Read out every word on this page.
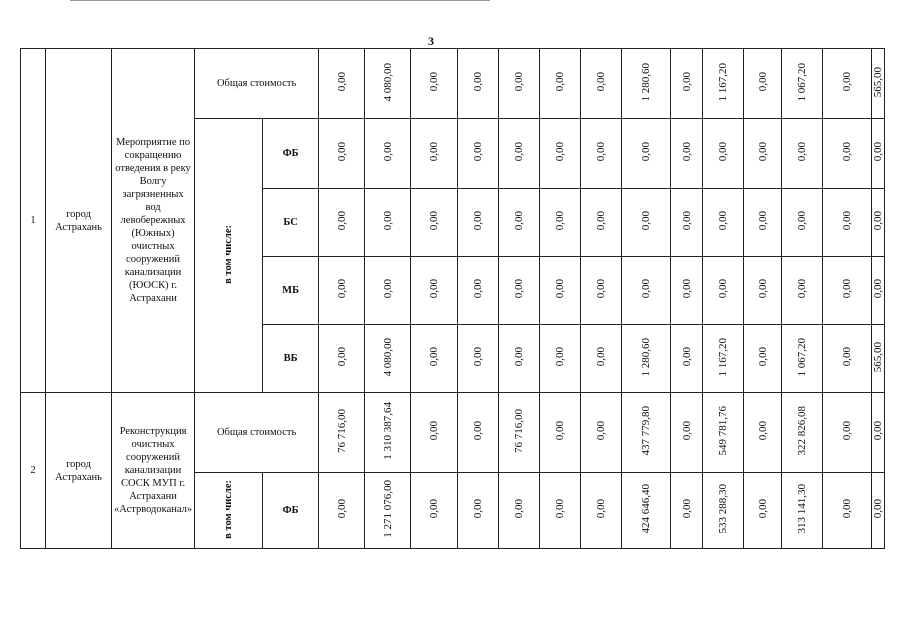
3
1	город Астрахань	Мероприятие по сокращению отведения в реку Волгу загрязненных вод левобережных (Южных) очистных сооружений канализации (ЮОСК) г. Астрахани	Общая стоимость		0,00	4 080,00	0,00	0,00	0,00	0,00	0,00	1 280,60	0,00	1 167,20	0,00	1 067,20	0,00	565,00
			в том числе:	ФБ	0,00	0,00	0,00	0,00	0,00	0,00	0,00	0,00	0,00	0,00	0,00	0,00	0,00	0,00
				БС	0,00	0,00	0,00	0,00	0,00	0,00	0,00	0,00	0,00	0,00	0,00	0,00	0,00	0,00
				МБ	0,00	0,00	0,00	0,00	0,00	0,00	0,00	0,00	0,00	0,00	0,00	0,00	0,00	0,00
				ВБ	0,00	4 080,00	0,00	0,00	0,00	0,00	0,00	1 280,60	0,00	1 167,20	0,00	1 067,20	0,00	565,00
2	город Астрахань	Реконструкция очистных сооружений канализации СОСК МУП г. Астрахани «Астрводоканал»	Общая стоимость		76 716,00	1 310 387,64	0,00	0,00	76 716,00	0,00	0,00	437 779,80	0,00	549 781,76	0,00	322 826,08	0,00	0,00
			в том числе:	ФБ	0,00	1 271 076,00	0,00	0,00	0,00	0,00	0,00	424 646,40	0,00	533 288,30	0,00	313 141,30	0,00	0,00
